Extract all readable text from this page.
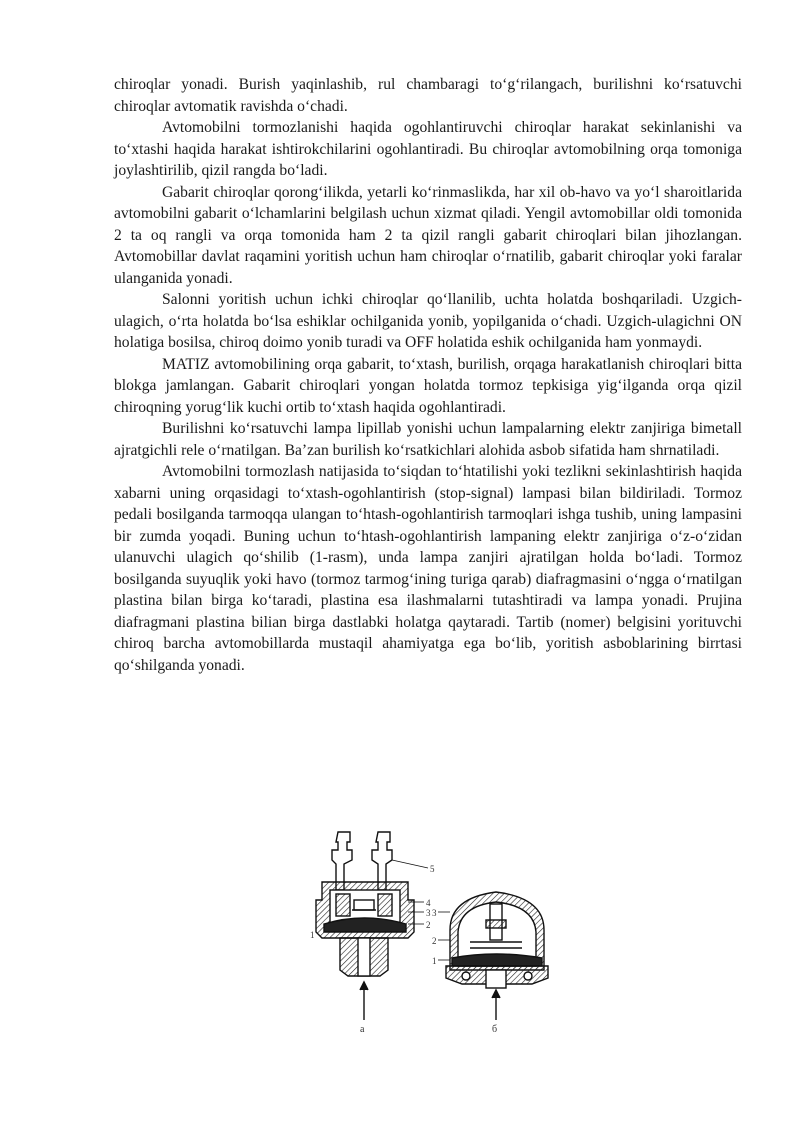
chiroqlar yonadi. Burish yaqinlashib, rul chambaragi to‘g‘rilangach, burilishni ko‘rsatuvchi chiroqlar avtomatik ravishda o‘chadi.

Avtomobilni tormozlanishi haqida ogohlantiruvchi chiroqlar harakat sekinlanishi va to‘xtashi haqida harakat ishtirokchilarini ogohlantiradi. Bu chiroqlar avtomobilning orqa tomoniga joylashtirilib, qizil rangda bo‘ladi.

Gabarit chiroqlar qorong‘ilikda, yetarli ko‘rinmaslikda, har xil ob-havo va yo‘l sharoitlarida avtomobilni gabarit o‘lchamlarini belgilash uchun xizmat qiladi. Yengil avtomobillar oldi tomonida 2 ta oq rangli va orqa tomonida ham 2 ta qizil rangli gabarit chiroqlari bilan jihozlangan. Avtomobillar davlat raqamini yoritish uchun ham chiroqlar o‘rnatilib, gabarit chiroqlar yoki faralar ulanganida yonadi.

Salonni yoritish uchun ichki chiroqlar qo‘llanilib, uchta holatda boshqariladi. Uzgich-ulagich, o‘rta holatda bo‘lsa eshiklar ochilganida yonib, yopilganida o‘chadi. Uzgich-ulagichni ON holatiga bosilsa, chiroq doimo yonib turadi va OFF holatida eshik ochilganida ham yonmaydi.

MATIZ avtomobilining orqa gabarit, to‘xtash, burilish, orqaga harakatlanish chiroqlari bitta blokga jamlangan. Gabarit chiroqlari yongan holatda tormoz tepkisiga yig‘ilganda orqa qizil chiroqning yorug‘lik kuchi ortib to‘xtash haqida ogohlantiradi.

Burilishni ko‘rsatuvchi lampa lipillab yonishi uchun lampalarning elektr zanjiriga bimetall ajratgichli rele o‘rnatilgan. Ba’zan burilish ko‘rsatkichlari alohida asbob sifatida ham shrnatiladi.

Avtomobilni tormozlash natijasida to‘siqdan to‘htatilishi yoki tezlikni sekinlashtirish haqida xabarni uning orqasidagi to‘xtash-ogohlantirish (stop-signal) lampasi bilan bildiriladi. Tormoz pedali bosilganda tarmoqqa ulangan to‘htash-ogohlantirish tarmoqlari ishga tushib, uning lampasini bir zumda yoqadi. Buning uchun to‘htash-ogohlantirish lampaning elektr zanjiriga o‘z-o‘zidan ulanuvchi ulagich qo‘shilib (1-rasm), unda lampa zanjiri ajratilgan holda bo‘ladi. Tormoz bosilganda suyuqlik yoki havo (tormoz tarmog‘ining turiga qarab) diafragmasini o‘ngga o‘rnatilgan plastina bilan birga ko‘taradi, plastina esa ilashmalarni tutashtiradi va lampa yonadi. Prujina diafragmani plastina bilian birga dastlabki holatga qaytaradi. Tartib (nomer) belgisini yorituvchi chiroq barcha avtomobillarda mustaqil ahamiyatga ega bo‘lib, yoritish asboblarining birrtasi qo‘shilganda yonadi.

5
4
3
2
a
3
2
1
б
1
